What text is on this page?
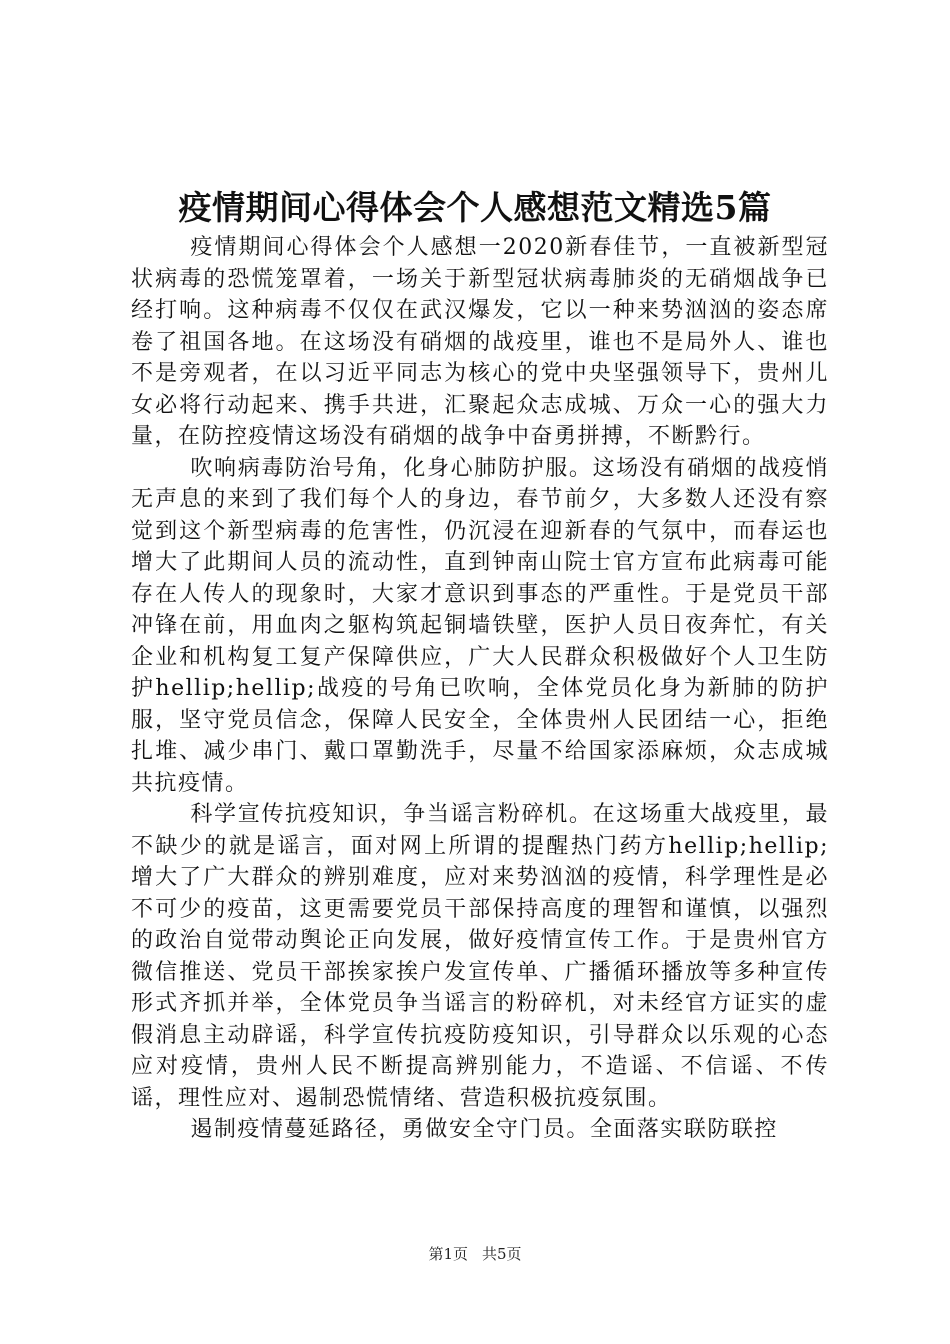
疫情期间心得体会个人感想范文精选5篇

疫情期间心得体会个人感想一2020新春佳节，一直被新型冠状病毒的恐慌笼罩着，一场关于新型冠状病毒肺炎的无硝烟战争已经打响。这种病毒不仅仅在武汉爆发，它以一种来势汹汹的姿态席卷了祖国各地。在这场没有硝烟的战疫里，谁也不是局外人、谁也不是旁观者，在以习近平同志为核心的党中央坚强领导下，贵州儿女必将行动起来、携手共进，汇聚起众志成城、万众一心的强大力量，在防控疫情这场没有硝烟的战争中奋勇拼搏，不断黔行。

吹响病毒防治号角，化身心肺防护服。这场没有硝烟的战疫悄无声息的来到了我们每个人的身边，春节前夕，大多数人还没有察觉到这个新型病毒的危害性，仍沉浸在迎新春的气氛中，而春运也增大了此期间人员的流动性，直到钟南山院士官方宣布此病毒可能存在人传人的现象时，大家才意识到事态的严重性。于是党员干部冲锋在前，用血肉之躯构筑起铜墙铁壁，医护人员日夜奔忙，有关企业和机构复工复产保障供应，广大人民群众积极做好个人卫生防护hellip;hellip;战疫的号角已吹响，全体党员化身为新肺的防护服，坚守党员信念，保障人民安全，全体贵州人民团结一心，拒绝扎堆、减少串门、戴口罩勤洗手，尽量不给国家添麻烦，众志成城共抗疫情。

科学宣传抗疫知识，争当谣言粉碎机。在这场重大战疫里，最不缺少的就是谣言，面对网上所谓的提醒热门药方hellip;hellip;增大了广大群众的辨别难度，应对来势汹汹的疫情，科学理性是必不可少的疫苗，这更需要党员干部保持高度的理智和谨慎，以强烈的政治自觉带动舆论正向发展，做好疫情宣传工作。于是贵州官方微信推送、党员干部挨家挨户发宣传单、广播循环播放等多种宣传形式齐抓并举，全体党员争当谣言的粉碎机，对未经官方证实的虚假消息主动辟谣，科学宣传抗疫防疫知识，引导群众以乐观的心态应对疫情，贵州人民不断提高辨别能力，不造谣、不信谣、不传谣，理性应对、遏制恐慌情绪、营造积极抗疫氛围。

遏制疫情蔓延路径，勇做安全守门员。全面落实联防联控

第1页 共5页
